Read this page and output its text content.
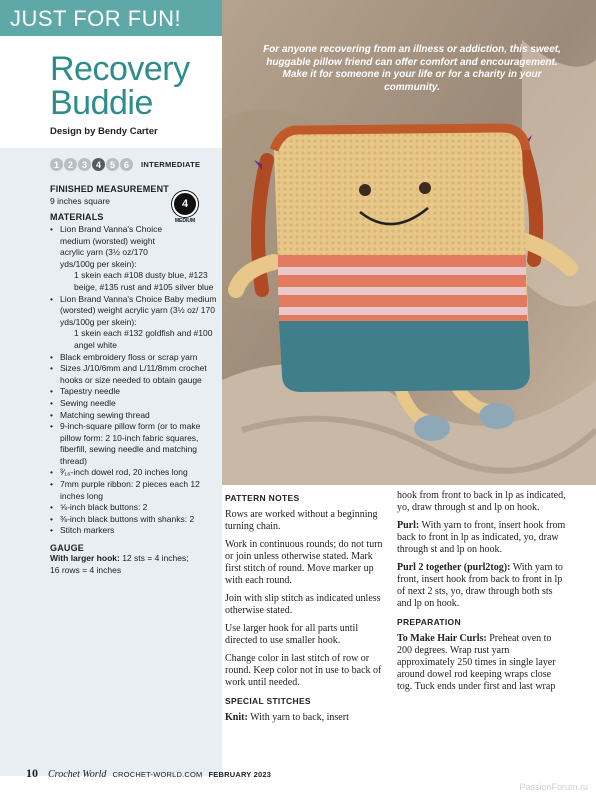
JUST FOR FUN!
Recovery
Buddie
Design by Bendy Carter
1 2 3 4 5 6	INTERMEDIATE
FINISHED MEASUREMENT
9 inches square
MATERIALS
4
MEDIUM
• Lion Brand Vanna's Choice medium (worsted) weight acrylic yarn (3½ oz/170 yds/100g per skein):
1 skein each #108 dusty blue, #123 beige, #135 rust and #105 silver blue
• Lion Brand Vanna's Choice Baby medium (worsted) weight acrylic yarn (3½ oz/ 170 yds/100g per skein):
1 skein each #132 goldfish and #100 angel white
• Black embroidery floss or scrap yarn
• Sizes J/10/6mm and L/11/8mm crochet hooks or size needed to obtain gauge
• Tapestry needle
• Sewing needle
• Matching sewing thread
• 9-inch-square pillow form (or to make pillow form: 2 10-inch fabric squares, fiberfill, sewing needle and matching thread)
• ³⁄₁₆-inch dowel rod, 20 inches long
• 7mm purple ribbon: 2 pieces each 12 inches long
• ⅝-inch black buttons: 2
• ⅜-inch black buttons with shanks: 2
• Stitch markers
GAUGE
With larger hook: 12 sts = 4 inches; 16 rows = 4 inches
For anyone recovering from an illness or addiction, this sweet, huggable pillow friend can offer comfort and encouragement. Make it for someone in your life or for a charity in your community.
PATTERN NOTES

Rows are worked without a beginning turning chain.

Work in continuous rounds; do not turn or join unless otherwise stated. Mark first stitch of round. Move marker up with each round.

Join with slip stitch as indicated unless otherwise stated.

Use larger hook for all parts until directed to use smaller hook.

Change color in last stitch of row or round. Keep color not in use to back of work until needed.

SPECIAL STITCHES

Knit: With yarn to back, insert

hook from front to back in lp as indicated, yo, draw through st and lp on hook.

Purl: With yarn to front, insert hook from back to front in lp as indicated, yo, draw through st and lp on hook.

Purl 2 together (purl2tog): With yarn to front, insert hook from back to front in lp of next 2 sts, yo, draw through both sts and lp on hook.

PREPARATION

To Make Hair Curls: Preheat oven to 200 degrees. Wrap rust yarn approximately 250 times in single layer around dowel rod keeping wraps close tog. Tuck ends under first and last wrap

10 Crochet World CROCHET-WORLD.COM FEBRUARY 2023
PassionForum.ru
